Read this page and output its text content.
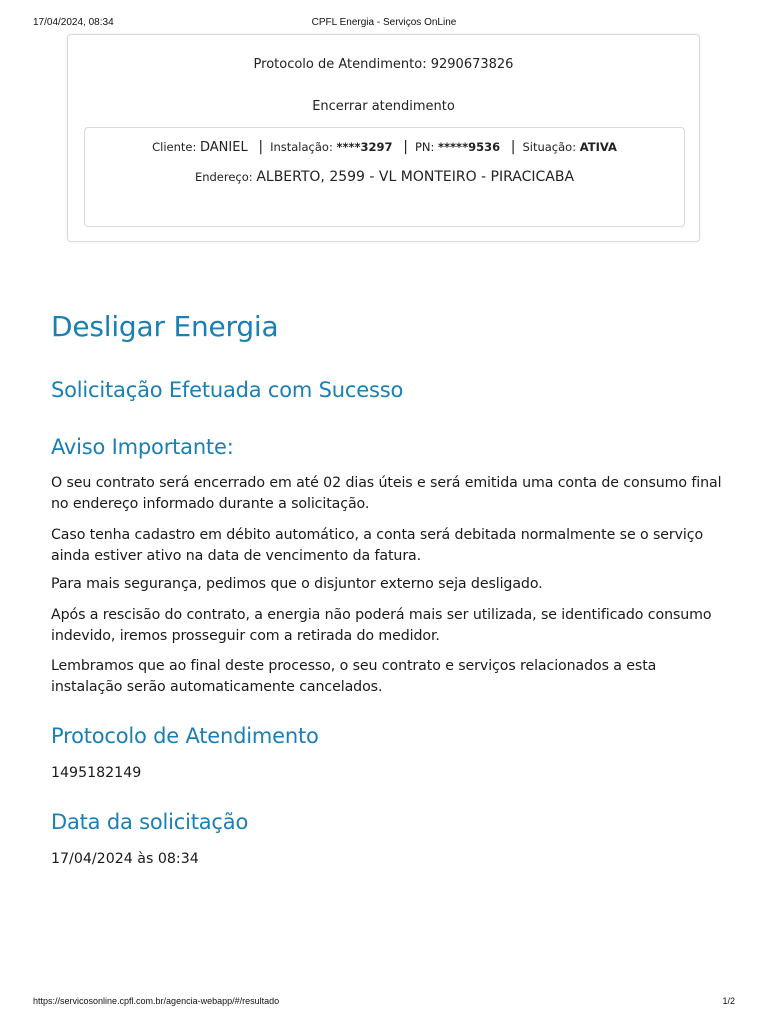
17/04/2024, 08:34	CPFL Energia - Serviços OnLine
Protocolo de Atendimento: 9290673826
Encerrar atendimento
Cliente: DANIEL | Instalação: ****3297 | PN: *****9536 | Situação: ATIVA
Endereço: ALBERTO, 2599 - VL MONTEIRO - PIRACICABA
Desligar Energia
Solicitação Efetuada com Sucesso
Aviso Importante:

O seu contrato será encerrado em até 02 dias úteis e será emitida uma conta de consumo final no endereço informado durante a solicitação.

Caso tenha cadastro em débito automático, a conta será debitada normalmente se o serviço ainda estiver ativo na data de vencimento da fatura.

Para mais segurança, pedimos que o disjuntor externo seja desligado.

Após a rescisão do contrato, a energia não poderá mais ser utilizada, se identificado consumo indevido, iremos prosseguir com a retirada do medidor.

Lembramos que ao final deste processo, o seu contrato e serviços relacionados a esta instalação serão automaticamente cancelados.

Protocolo de Atendimento

1495182149

Data da solicitação

17/04/2024 às 08:34

https://servicosonline.cpfl.com.br/agencia-webapp/#/resultado	1/2
